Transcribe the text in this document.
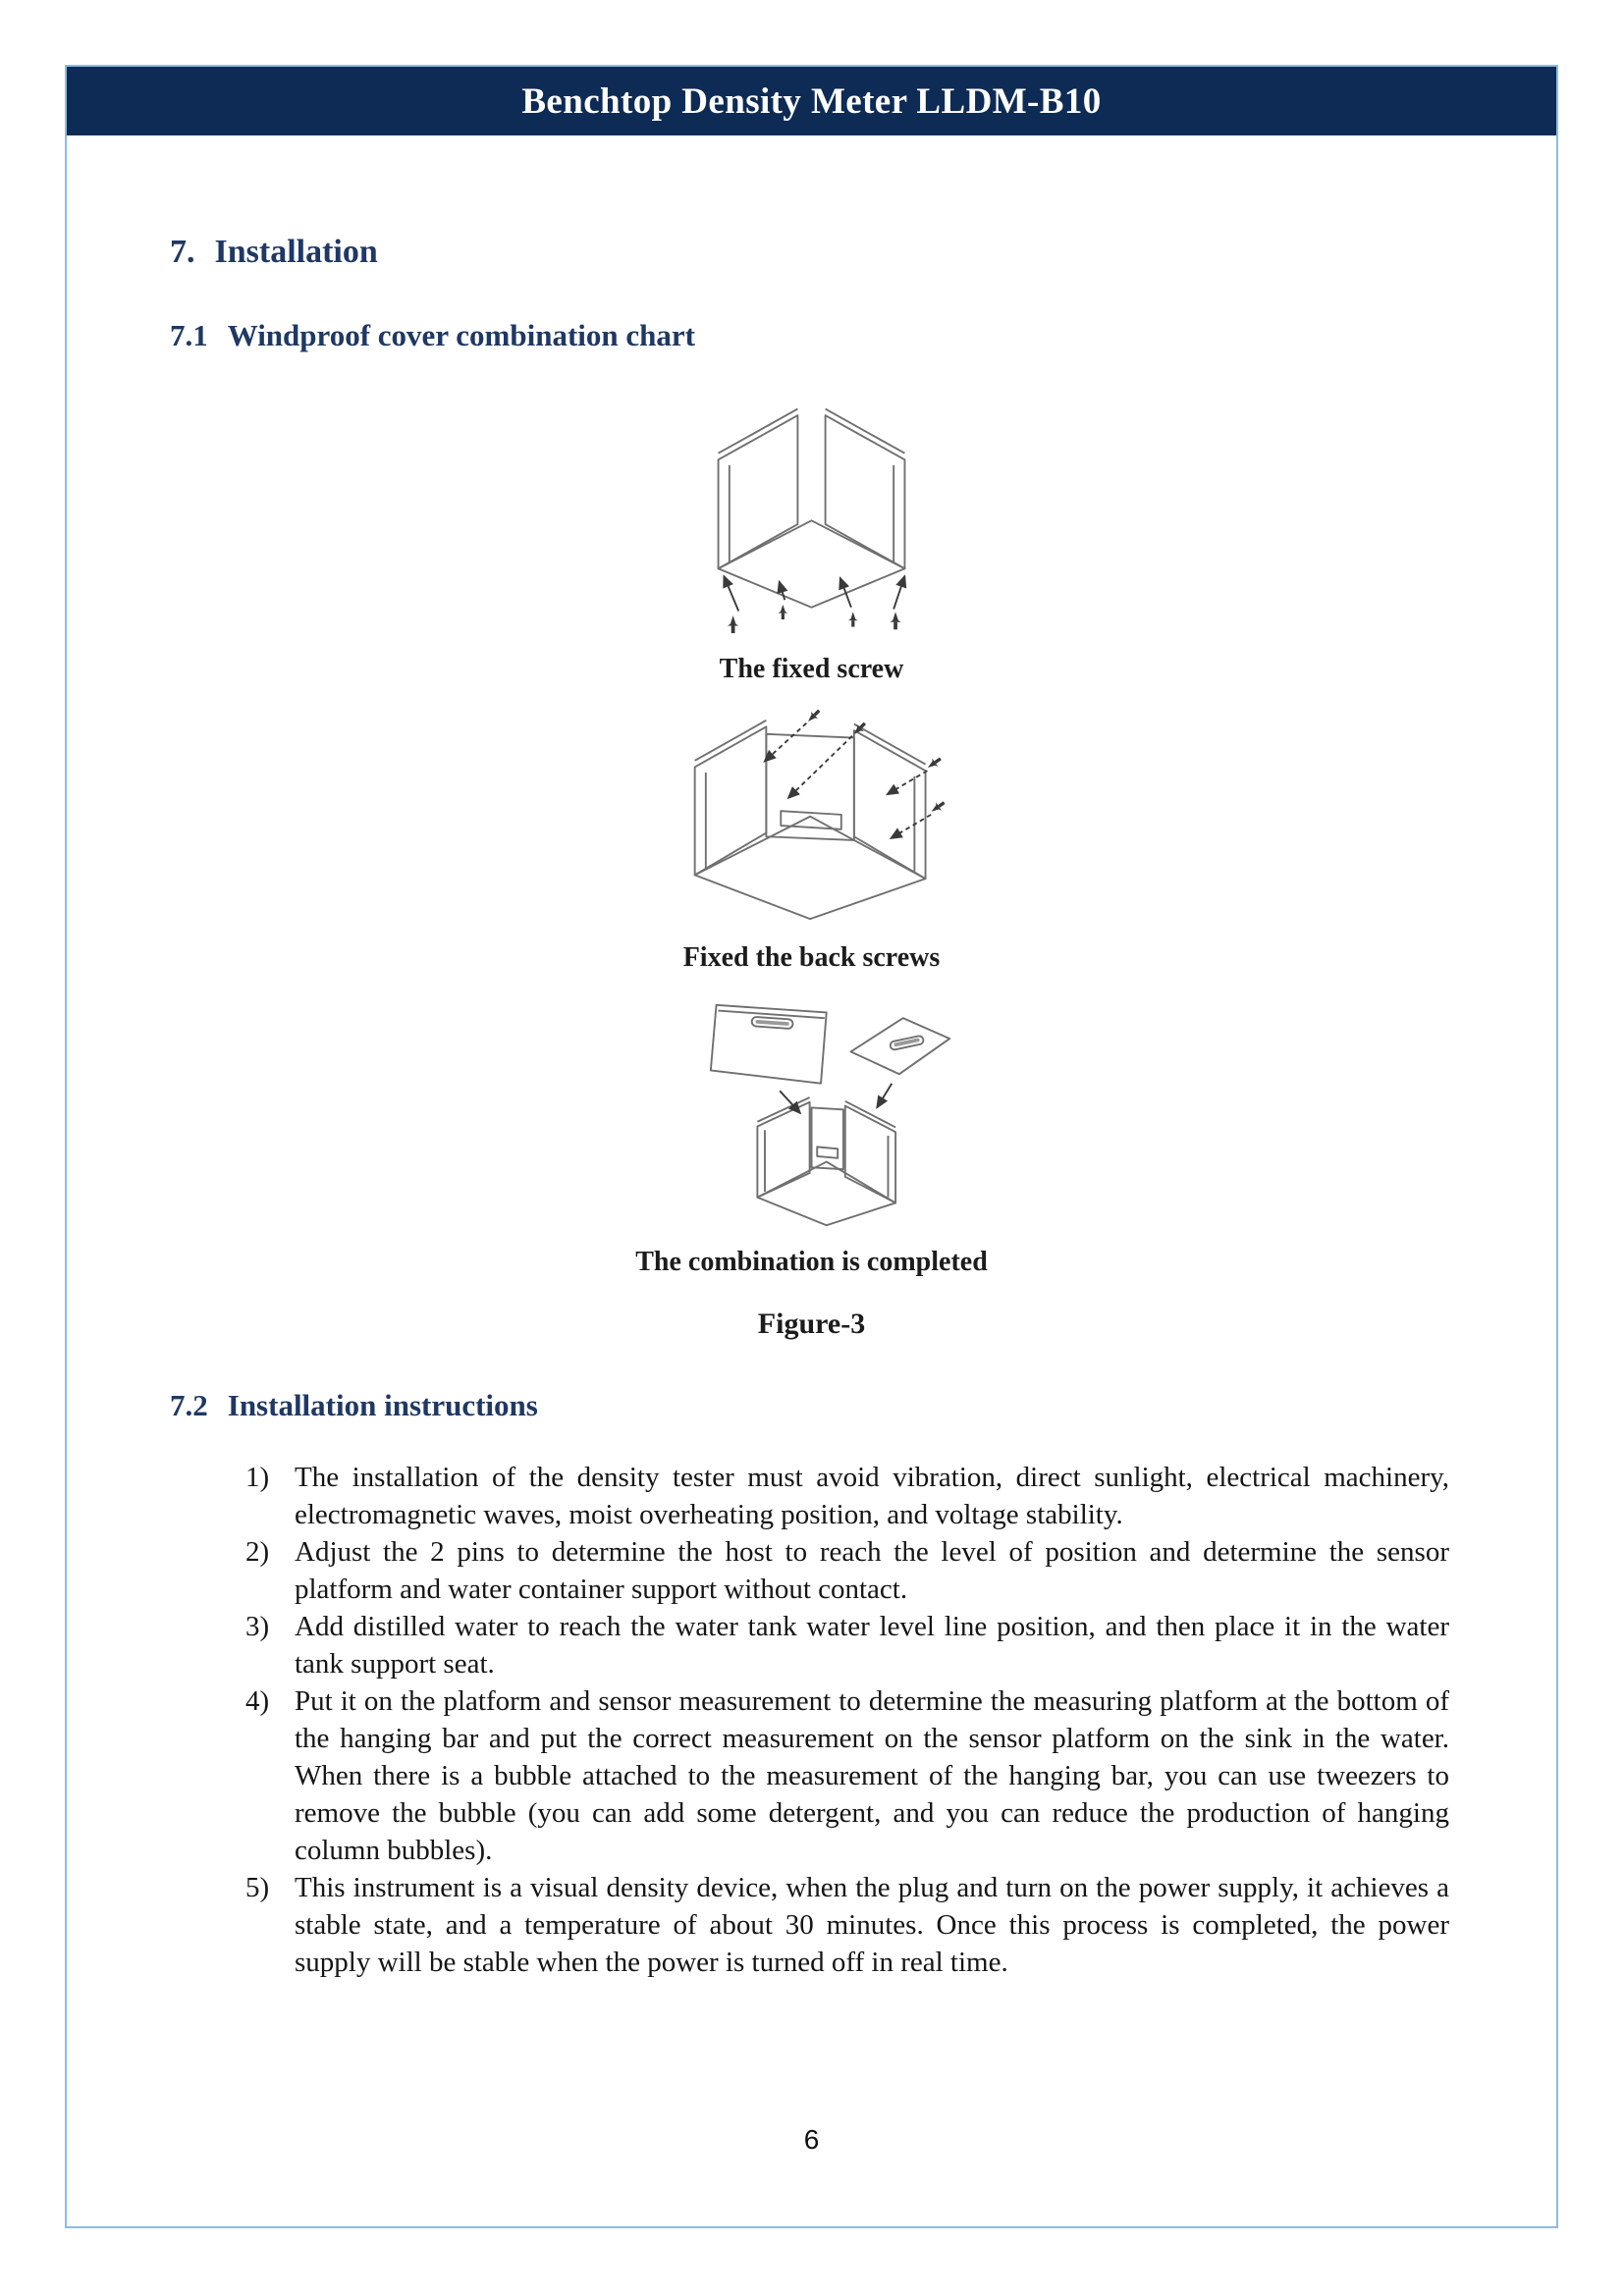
Benchtop Density Meter LLDM-B10
7. Installation
7.1 Windproof cover combination chart
The fixed screw
Fixed the back screws
The combination is completed
Figure-3
7.2 Installation instructions
1) The installation of the density tester must avoid vibration, direct sunlight, electrical machinery, electromagnetic waves, moist overheating position, and voltage stability.
2) Adjust the 2 pins to determine the host to reach the level of position and determine the sensor platform and water container support without contact.
3) Add distilled water to reach the water tank water level line position, and then place it in the water tank support seat.
4) Put it on the platform and sensor measurement to determine the measuring platform at the bottom of the hanging bar and put the correct measurement on the sensor platform on the sink in the water. When there is a bubble attached to the measurement of the hanging bar, you can use tweezers to remove the bubble (you can add some detergent, and you can reduce the production of hanging column bubbles).
5) This instrument is a visual density device, when the plug and turn on the power supply, it achieves a stable state, and a temperature of about 30 minutes. Once this process is completed, the power supply will be stable when the power is turned off in real time.
6
